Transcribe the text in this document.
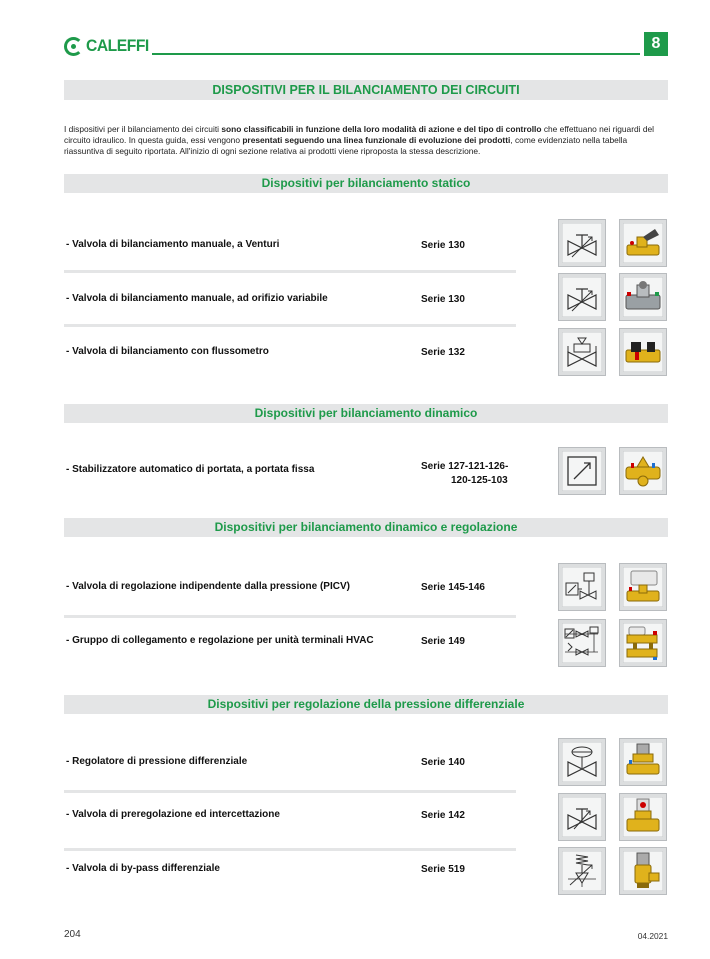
CALEFFI	8
DISPOSITIVI PER IL BILANCIAMENTO DEI CIRCUITI

I dispositivi per il bilanciamento dei circuiti sono classificabili in funzione della loro modalità di azione e del tipo di controllo che effettuano nei riguardi del circuito idraulico. In questa guida, essi vengono presentati seguendo una linea funzionale di evoluzione dei prodotti, come evidenziato nella tabella riassuntiva di seguito riportata. All'inizio di ogni sezione relativa ai prodotti viene riproposta la stessa descrizione.

Dispositivi per bilanciamento statico
- Valvola di bilanciamento manuale, a Venturi	Serie 130
- Valvola di bilanciamento manuale, ad orifizio variabile	Serie 130
- Valvola di bilanciamento con flussometro	Serie 132
Dispositivi per bilanciamento dinamico
- Stabilizzatore automatico di portata, a portata fissa	Serie 127-121-126-
120-125-103
Dispositivi per bilanciamento dinamico e regolazione
- Valvola di regolazione indipendente dalla pressione (PICV)	Serie 145-146
- Gruppo di collegamento e regolazione per unità terminali HVAC	Serie 149
Dispositivi per regolazione della pressione differenziale
- Regolatore di pressione differenziale	Serie 140
- Valvola di preregolazione ed intercettazione	Serie 142
- Valvola di by-pass differenziale	Serie 519
204	04.2021
